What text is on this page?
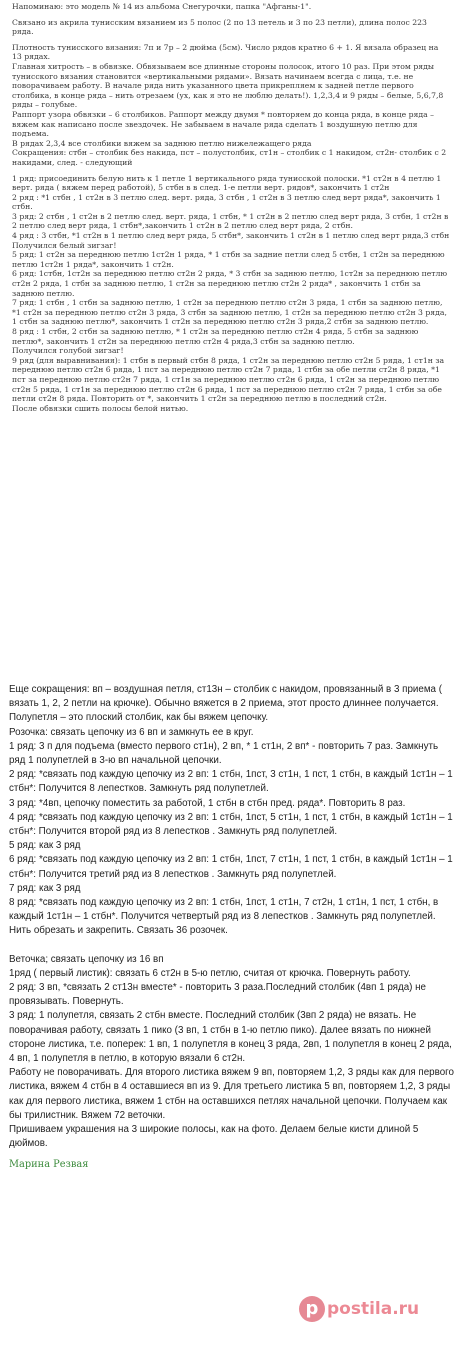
Напоминаю: это модель № 14 из альбома Снегурочки, папка "Афганы-1".

Связано из акрила тунисским вязанием из 5 полос (2 по 13 петель и 3 по 23 петли), длина полос 223 ряда.

Плотность тунисского вязания: 7п и 7р – 2 дюйма (5см). Число рядов кратно 6 + 1. Я вязала образец на 13 рядах.

Главная хитрость – в обвязке. Обвязываем все длинные стороны полосок, итого 10 раз. При этом ряды тунисского вязания становятся «вертикальными рядами». Вязать начинаем всегда с лица, т.е. не поворачиваем работу. В начале ряда нить указанного цвета прикрепляем к задней петле первого столбика, в конце ряда – нить отрезаем (ух, как я это не люблю делать!). 1,2,3,4 и 9 ряды – белые, 5,6,7,8 ряды – голубые.

Раппорт узора обвязки – 6 столбиков. Раппорт между двумя * повторяем до конца ряда, в конце ряда – вяжем как написано после звездочек. Не забываем в начале ряда сделать 1 воздушную петлю для подъема.

В рядах 2,3,4 все столбики вяжем за заднюю петлю нижележащего ряда

Сокращения: стбн – столбик без накида, пст – полустолбик, ст1н – столбик с 1 накидом, ст2н- столбик с 2 накидами, след. - следующий

1 ряд: присоединить белую нить к 1 петле 1 вертикального ряда тунисской полоски. *1 ст2н в 4 петлю 1 верт. ряда ( вяжем перед работой), 5 стбн в в след. 1-е петли верт. рядов*, закончить 1 ст2н

2 ряд : *1 стбн , 1 ст2н в 3 петлю след. верт. ряда, 3 стбн , 1 ст2н в 3 петлю след верт ряда*, закончить 1 стбн.

3 ряд: 2 стбн , 1 ст2н в 2 петлю след. верт. ряда, 1 стбн, * 1 ст2н в 2 петлю след верт ряда, 3 стбн, 1 ст2н в 2 петлю след верт ряда, 1 стбн*,закончить 1 ст2н в 2 петлю след верт ряда, 2 стбн.

4 ряд : 3 стбн, *1 ст2н в 1 петлю след верт ряда, 5 стбн*, закончить 1 ст2н в 1 петлю след верт ряда,3 стбн

Получился белый зигзаг!

5 ряд: 1 ст2н за переднюю петлю 1ст2н 1 ряда, * 1 стбн за задние петли след 5 стбн, 1 ст2н за переднюю петлю 1ст2н 1 ряда*, закончить 1 ст2н.

6 ряд: 1стбн, 1ст2н за переднюю петлю ст2н 2 ряда, * 3 стбн за заднюю петлю, 1ст2н за переднюю петлю ст2н 2 ряда, 1 стбн за заднюю петлю, 1 ст2н за переднюю петлю ст2н 2 ряда* , закончить 1 стбн за заднюю петлю.

7 ряд: 1 стбн , 1 стбн за заднюю петлю, 1 ст2н за переднюю петлю ст2н 3 ряда, 1 стбн за заднюю петлю, *1 ст2н за переднюю петлю ст2н 3 ряда, 3 стбн за заднюю петлю, 1 ст2н за переднюю петлю ст2н 3 ряда, 1 стбн за заднюю петлю*, закончить 1 ст2н за переднюю петлю ст2н 3 ряда,2 стбн за заднюю петлю.

8 ряд : 1 стбн, 2 стбн за заднюю петлю, * 1 ст2н за переднюю петлю ст2н 4 ряда, 5 стбн за заднюю петлю*, закончить 1 ст2н за переднюю петлю ст2н 4 ряда,3 стбн за заднюю петлю.

Получился голубой зигзаг!

9 ряд (для выравнивания): 1 стбн в первый стбн 8 ряда, 1 ст2н за переднюю петлю ст2н 5 ряда, 1 ст1н за переднюю петлю ст2н 6 ряда, 1 пст за переднюю петлю ст2н 7 ряда, 1 стбн за обе петли ст2н 8 ряда, *1 пст за переднюю петлю ст2н 7 ряда, 1 ст1н за переднюю петлю ст2н 6 ряда, 1 ст2н за переднюю петлю ст2н 5 ряда, 1 ст1н за переднюю петлю ст2н 6 ряда, 1 пст за переднюю петлю ст2н 7 ряда, 1 стбн за обе петли ст2н 8 ряда. Повторить от *, закончить 1 ст2н за переднюю петлю в последний ст2н.

После обвязки сшить полосы белой нитью.

Еще сокращения: вп – воздушная петля, ст13н – столбик с накидом, провязанный в 3 приема ( вязать 1, 2, 2 петли на крючке). Обычно вяжется в 2 приема, этот просто длиннее получается.

Полупетля – это плоский столбик, как бы вяжем цепочку.

Розочка: связать цепочку из 6 вп и замкнуть ее в круг.

1 ряд: 3 п для подъема (вместо первого ст1н), 2 вп, * 1 ст1н, 2 вп* - повторить 7 раз. Замкнуть ряд 1 полупетлей в 3-ю вп начальной цепочки.

2 ряд: *связать под каждую цепочку из 2 вп: 1 стбн, 1пст, 3 ст1н, 1 пст, 1 стбн, в каждый 1ст1н – 1 стбн*: Получится 8 лепестков. Замкнуть ряд полупетлей.

3 ряд: *4вп, цепочку поместить за работой, 1 стбн в стбн пред. ряда*. Повторить 8 раз.

4 ряд: *связать под каждую цепочку из 2 вп: 1 стбн, 1пст, 5 ст1н, 1 пст, 1 стбн, в каждый 1ст1н – 1 стбн*: Получится второй ряд из 8 лепестков . Замкнуть ряд полупетлей.

5 ряд: как 3 ряд

6 ряд: *связать под каждую цепочку из 2 вп: 1 стбн, 1пст, 7 ст1н, 1 пст, 1 стбн, в каждый 1ст1н – 1 стбн*: Получится третий ряд из 8 лепестков . Замкнуть ряд полупетлей.

7 ряд: как 3 ряд

8 ряд: *связать под каждую цепочку из 2 вп: 1 стбн, 1пст, 1 ст1н, 7 ст2н, 1 ст1н, 1 пст, 1 стбн, в каждый 1ст1н – 1 стбн*. Получится четвертый ряд из 8 лепестков . Замкнуть ряд полупетлей. Нить обрезать и закрепить. Связать 36 розочек.

Веточка; связать цепочку из 16 вп

1ряд ( первый листик): связать 6 ст2н в 5-ю петлю, считая от крючка. Повернуть работу.

2 ряд: 3 вп, *связать 2 ст13н вместе* - повторить 3 раза.Последний столбик (4вп 1 ряда) не провязывать. Повернуть.

3 ряд: 1 полупетля, связать 2 стбн вместе. Последний столбик (3вп 2 ряда) не вязать. Не поворачивая работу, связать 1 пико (3 вп, 1 стбн в 1-ю петлю пико). Далее вязать по нижней стороне листика, т.е. поперек: 1 вп, 1 полупетля в конец 3 ряда, 2вп, 1 полупетля в конец 2 ряда, 4 вп, 1 полупетля в петлю, в которую вязали 6 ст2н.

Работу не поворачивать. Для второго листика вяжем 9 вп, повторяем 1,2, 3 ряды как для первого листика, вяжем 4 стбн в 4 оставшиеся вп из 9. Для третьего листика 5 вп, повторяем 1,2, 3 ряды как для первого листика, вяжем 1 стбн на оставшихся петлях начальной цепочки. Получаем как бы трилистник. Вяжем 72 веточки.

Пришиваем украшения на 3 широкие полосы, как на фото. Делаем белые кисти длиной 5 дюймов.

Марина Резвая
p postila.ru
